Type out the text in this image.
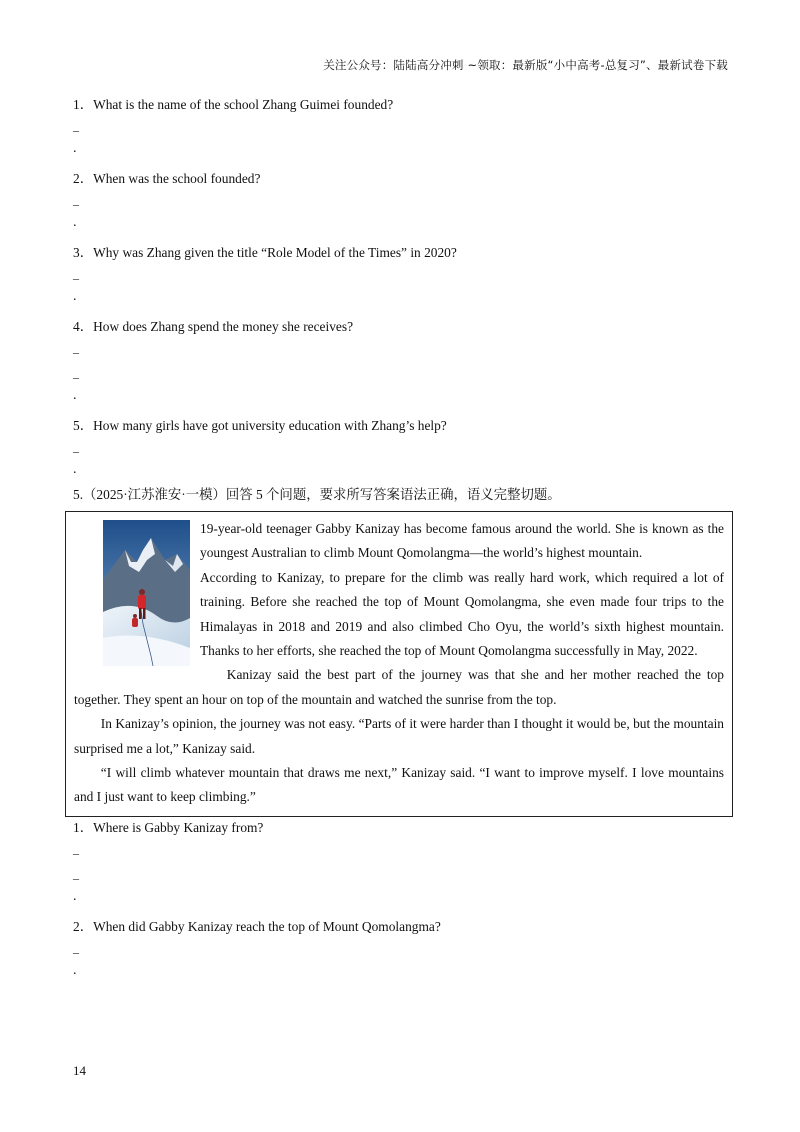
关注公众号：陆陆高分冲刺 ~领取：最新版“小中高考-总复习”、最新试卷下载
1．What is the name of the school Zhang Guimei founded?
_
.
2．When was the school founded?
_
.
3．Why was Zhang given the title “Role Model of the Times” in 2020?
_
.
4．How does Zhang spend the money she receives?
_
_
.
5．How many girls have got university education with Zhang’s help?
_
.
5.（2025·江苏淮安·一模）回答 5 个问题，要求所写答案语法正确，语义完整切题。

19-year-old teenager Gabby Kanizay has become famous around the world. She is known as the youngest Australian to climb Mount Qomolangma—the world’s highest mountain.

According to Kanizay, to prepare for the climb was really hard work, which required a lot of training. Before she reached the top of Mount Qomolangma, she even made four trips to the Himalayas in 2018 and 2019 and also climbed Cho Oyu, the world’s sixth highest mountain. Thanks to her efforts, she reached the top of Mount Qomolangma successfully in May, 2022.

Kanizay said the best part of the journey was that she and her mother reached the top together. They spent an hour on top of the mountain and watched the sunrise from the top.

In Kanizay’s opinion, the journey was not easy. “Parts of it were harder than I thought it would be, but the mountain surprised me a lot,” Kanizay said.

“I will climb whatever mountain that draws me next,” Kanizay said. “I want to improve myself. I love mountains and I just want to keep climbing.”

1．Where is Gabby Kanizay from?
_
_
.
2．When did Gabby Kanizay reach the top of Mount Qomolangma?
_
.
14
